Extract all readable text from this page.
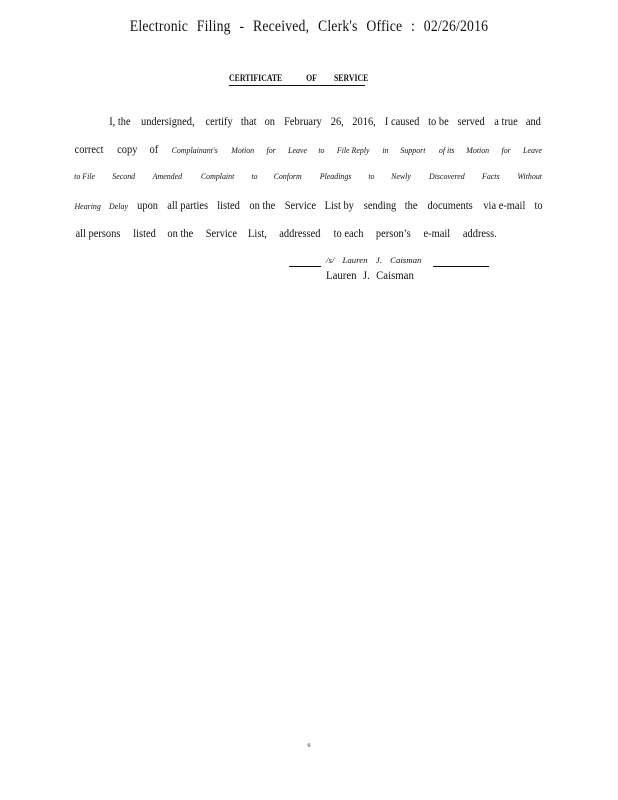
Electronic Filing - Received, Clerk's Office : 02/26/2016
CERTIFICATE	OF SERVICE
I, the undersigned, certify that on February 26, 2016, I caused to be served a true and
correct copy of Complainant's Motion for Leave to File Reply in Support of its Motion for Leave
to File Second Amended Complaint to Conform Pleadings to Newly Discovered Facts Without
Hearing Delay upon all parties listed on the Service List by sending the documents via e-mail to
all persons listed on the Service List, addressed to each person’s e-mail address.
/s/ Lauren J. Caisman
Lauren J. Caisman
6
